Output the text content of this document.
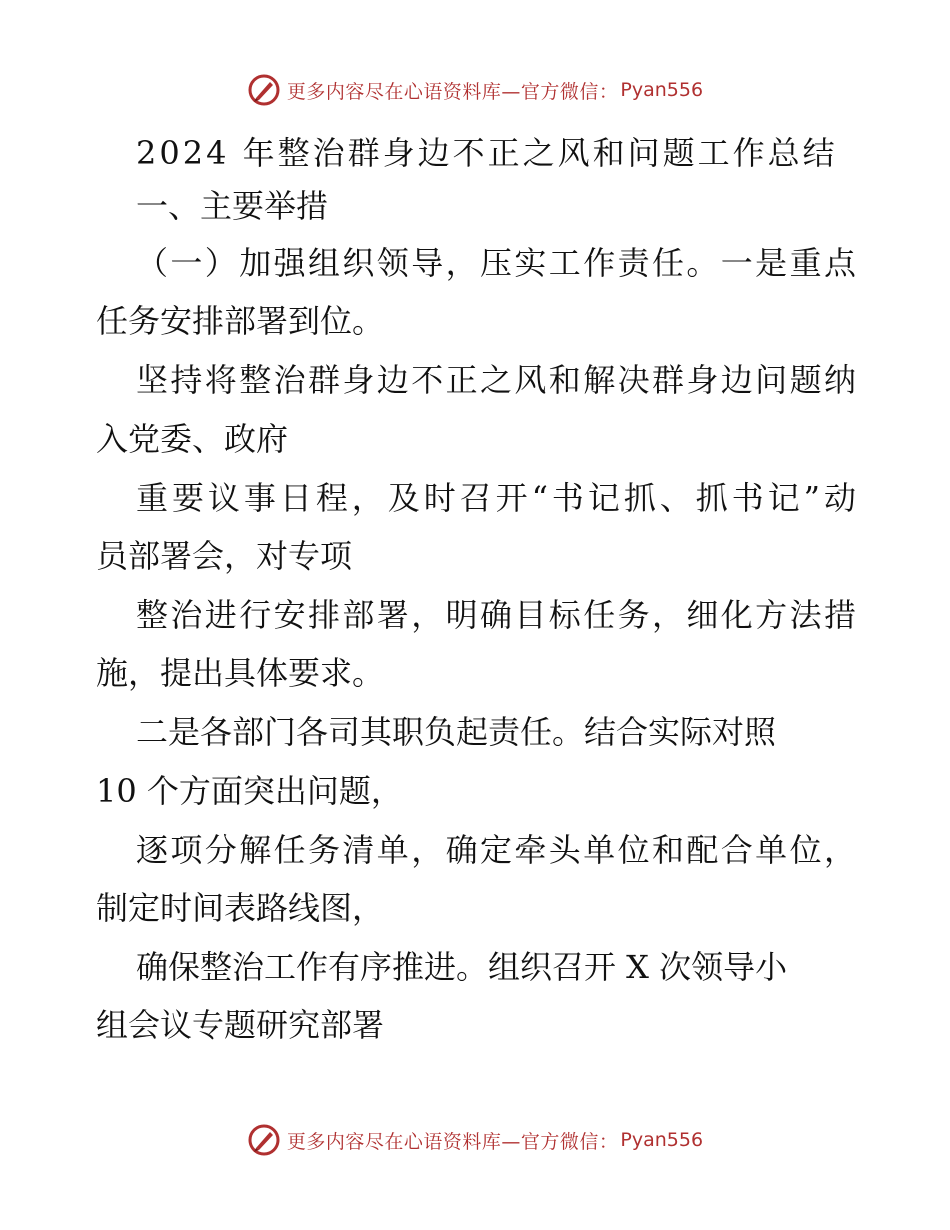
更多内容尽在心语资料库—官方微信： Pyan556
2024 年整治群身边不正之风和问题工作总结
一、主要举措
（一）加强组织领导，压实工作责任。一是重点
任务安排部署到位。
坚持将整治群身边不正之风和解决群身边问题纳
入党委、政府
重要议事日程，及时召开“书记抓、抓书记”动
员部署会，对专项
整治进行安排部署，明确目标任务，细化方法措
施，提出具体要求。
二是各部门各司其职负起责任。结合实际对照
10 个方面突出问题，
逐项分解任务清单，确定牵头单位和配合单位，
制定时间表路线图，
确保整治工作有序推进。组织召开 X 次领导小
组会议专题研究部署
更多内容尽在心语资料库—官方微信： Pyan556
